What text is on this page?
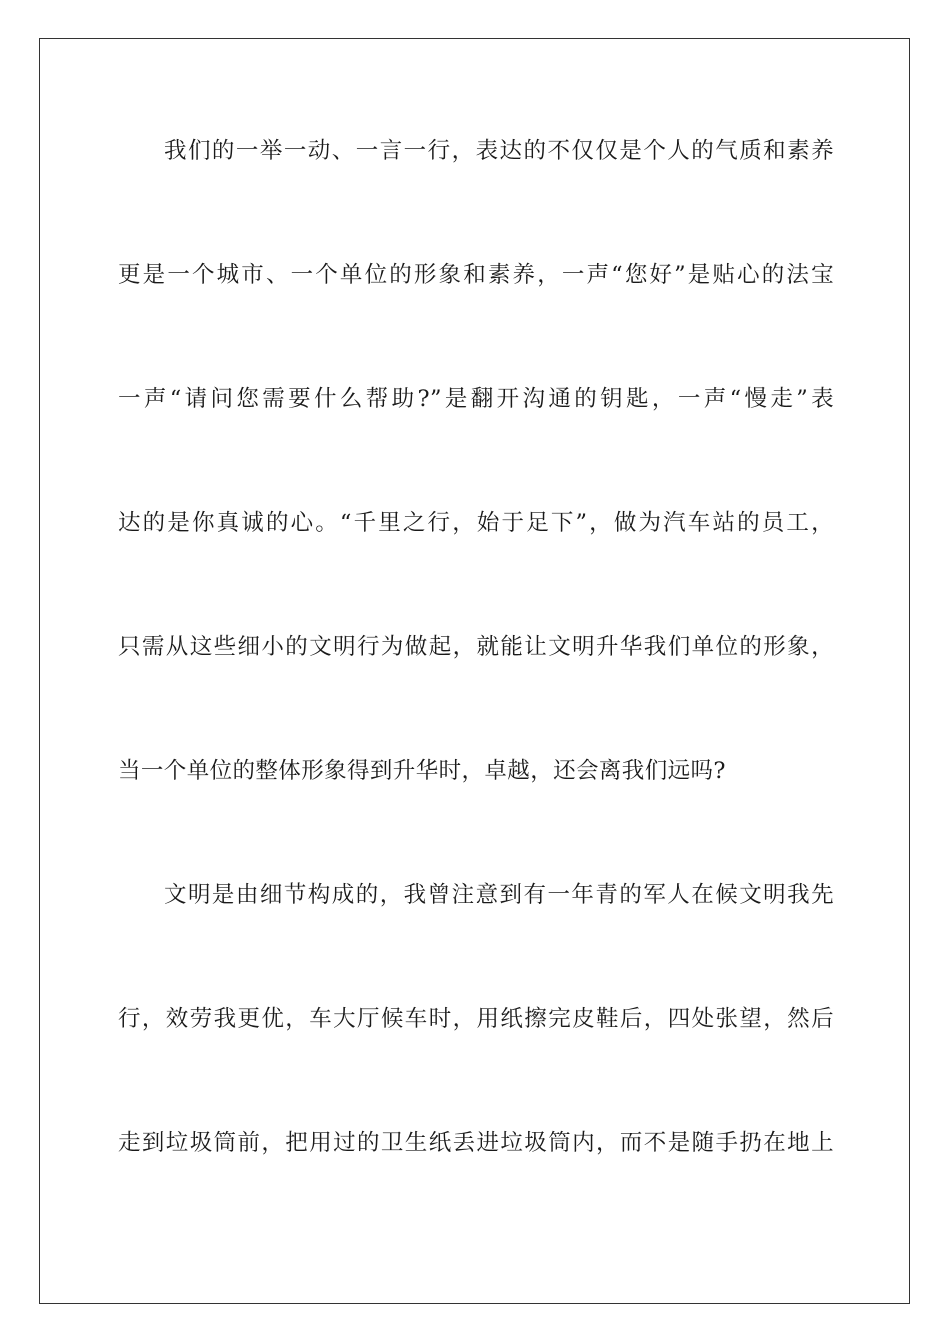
我们的一举一动、一言一行，表达的不仅仅是个人的气质和素养
更是一个城市、一个单位的形象和素养，一声“您好”是贴心的法宝
一声“请问您需要什么帮助?”是翻开沟通的钥匙，一声“慢走”表
达的是你真诚的心。“千里之行，始于足下”，做为汽车站的员工，
只需从这些细小的文明行为做起，就能让文明升华我们单位的形象，
当一个单位的整体形象得到升华时，卓越，还会离我们远吗?
文明是由细节构成的，我曾注意到有一年青的军人在候文明我先
行，效劳我更优，车大厅候车时，用纸擦完皮鞋后，四处张望，然后
走到垃圾筒前，把用过的卫生纸丢进垃圾筒内，而不是随手扔在地上
